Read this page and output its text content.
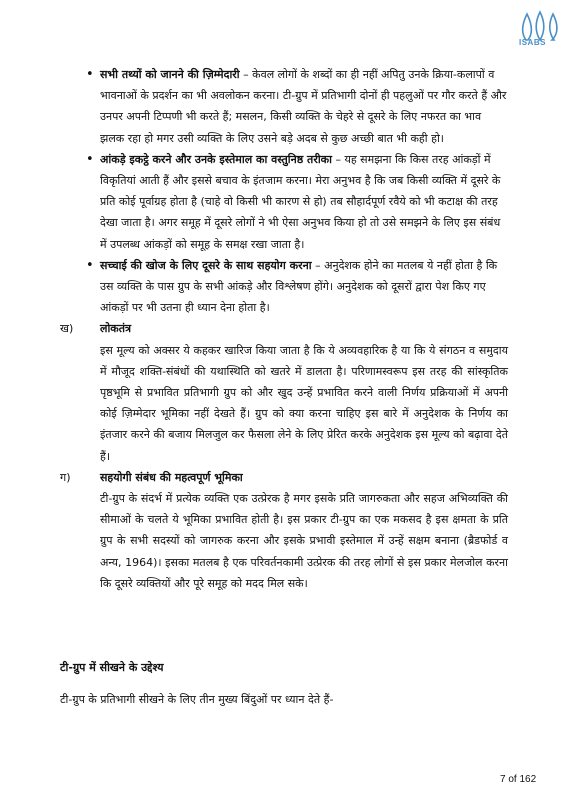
ISABS

• सभी तथ्यों को जानने की ज़िम्मेदारी – केवल लोगों के शब्दों का ही नहीं अपितु उनके क्रिया-कलापों व भावनाओं के प्रदर्शन का भी अवलोकन करना। टी-ग्रुप में प्रतिभागी दोनों ही पहलुओं पर गौर करते हैं और उनपर अपनी टिप्पणी भी करते हैं; मसलन, किसी व्यक्ति के चेहरे से दूसरे के लिए नफरत का भाव झलक रहा हो मगर उसी व्यक्ति के लिए उसने बड़े अदब से कुछ अच्छी बात भी कही हो।

• आंकड़े इकट्ठे करने और उनके इस्तेमाल का वस्तुनिष्ठ तरीका – यह समझना कि किस तरह आंकड़ों में विकृतियां आती हैं और इससे बचाव के इंतजाम करना। मेरा अनुभव है कि जब किसी व्यक्ति में दूसरे के प्रति कोई पूर्वाग्रह होता है (चाहे वो किसी भी कारण से हो) तब सौहार्दपूर्ण रवैये को भी कटाक्ष की तरह देखा जाता है। अगर समूह में दूसरे लोगों ने भी ऐसा अनुभव किया हो तो उसे समझने के लिए इस संबंध में उपलब्ध आंकड़ों को समूह के समक्ष रखा जाता है।

• सच्चाई की खोज के लिए दूसरे के साथ सहयोग करना – अनुदेशक होने का मतलब ये नहीं होता है कि उस व्यक्ति के पास ग्रुप के सभी आंकड़े और विश्लेषण होंगे। अनुदेशक को दूसरों द्वारा पेश किए गए आंकड़ों पर भी उतना ही ध्यान देना होता है।

ख) लोकतंत्र

इस मूल्य को अक्सर ये कहकर खारिज किया जाता है कि ये अव्यवहारिक है या कि ये संगठन व समुदाय में मौजूद शक्ति-संबंधों की यथास्थिति को खतरे में डालता है। परिणामस्वरूप इस तरह की सांस्कृतिक पृष्ठभूमि से प्रभावित प्रतिभागी ग्रुप को और खुद उन्हें प्रभावित करने वाली निर्णय प्रक्रियाओं में अपनी कोई ज़िम्मेदार भूमिका नहीं देखते हैं। ग्रुप को क्या करना चाहिए इस बारे में अनुदेशक के निर्णय का इंतजार करने की बजाय मिलजुल कर फैसला लेने के लिए प्रेरित करके अनुदेशक इस मूल्य को बढ़ावा देते हैं।

ग)	सहयोगी संबंध की महत्वपूर्ण भूमिका

टी-ग्रुप के संदर्भ में प्रत्येक व्यक्ति एक उत्प्रेरक है मगर इसके प्रति जागरुकता और सहज अभिव्यक्ति की सीमाओं के चलते ये भूमिका प्रभावित होती है। इस प्रकार टी-ग्रुप का एक मकसद है इस क्षमता के प्रति ग्रुप के सभी सदस्यों को जागरुक करना और इसके प्रभावी इस्तेमाल में उन्हें सक्षम बनाना (ब्रैडफोर्ड व अन्य, 1964)। इसका मतलब है एक परिवर्तनकामी उत्प्रेरक की तरह लोगों से इस प्रकार मेलजोल करना कि दूसरे व्यक्तियों और पूरे समूह को मदद मिल सके।

टी-ग्रुप में सीखने के उद्देश्य
टी-ग्रुप के प्रतिभागी सीखने के लिए तीन मुख्य बिंदुओं पर ध्यान देते हैं-
7 of 162
